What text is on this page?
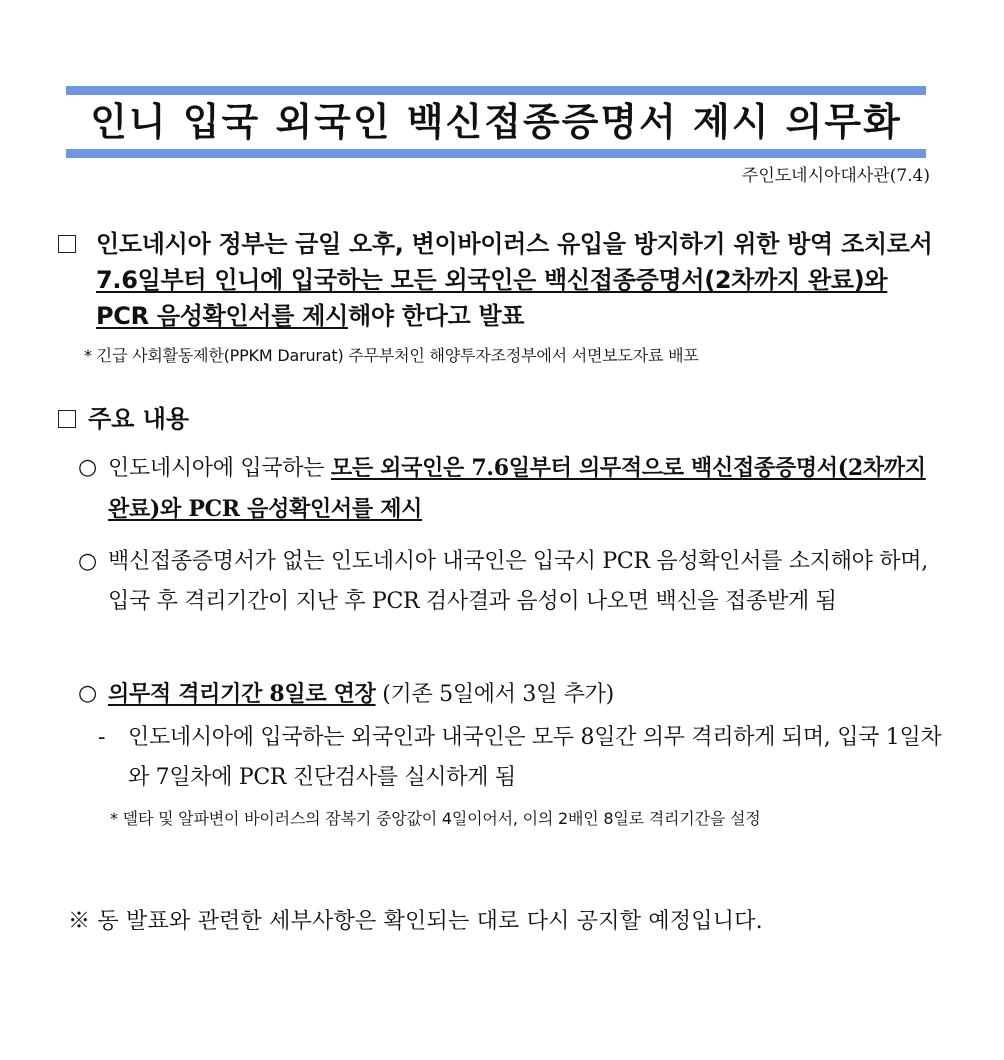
인니 입국 외국인 백신접종증명서 제시 의무화
주인도네시아대사관(7.4)
인도네시아 정부는 금일 오후, 변이바이러스 유입을 방지하기 위한 방역 조치로서 7.6일부터 인니에 입국하는 모든 외국인은 백신접종증명서(2차까지 완료)와 PCR 음성확인서를 제시해야 한다고 발표
* 긴급 사회활동제한(PPKM Darurat) 주무부처인 해양투자조정부에서 서면보도자료 배포
주요 내용
○ 인도네시아에 입국하는 모든 외국인은 7.6일부터 의무적으로 백신접종증명서(2차까지 완료)와 PCR 음성확인서를 제시
○ 백신접종증명서가 없는 인도네시아 내국인은 입국시 PCR 음성확인서를 소지해야 하며, 입국 후 격리기간이 지난 후 PCR 검사결과 음성이 나오면 백신을 접종받게 됨
○ 의무적 격리기간 8일로 연장 (기존 5일에서 3일 추가)
-	인도네시아에 입국하는 외국인과 내국인은 모두 8일간 의무 격리하게 되며, 입국 1일차와 7일차에 PCR 진단검사를 실시하게 됨
* 델타 및 알파변이 바이러스의 잠복기 중앙값이 4일이어서, 이의 2배인 8일로 격리기간을 설정
※ 동 발표와 관련한 세부사항은 확인되는 대로 다시 공지할 예정입니다.
